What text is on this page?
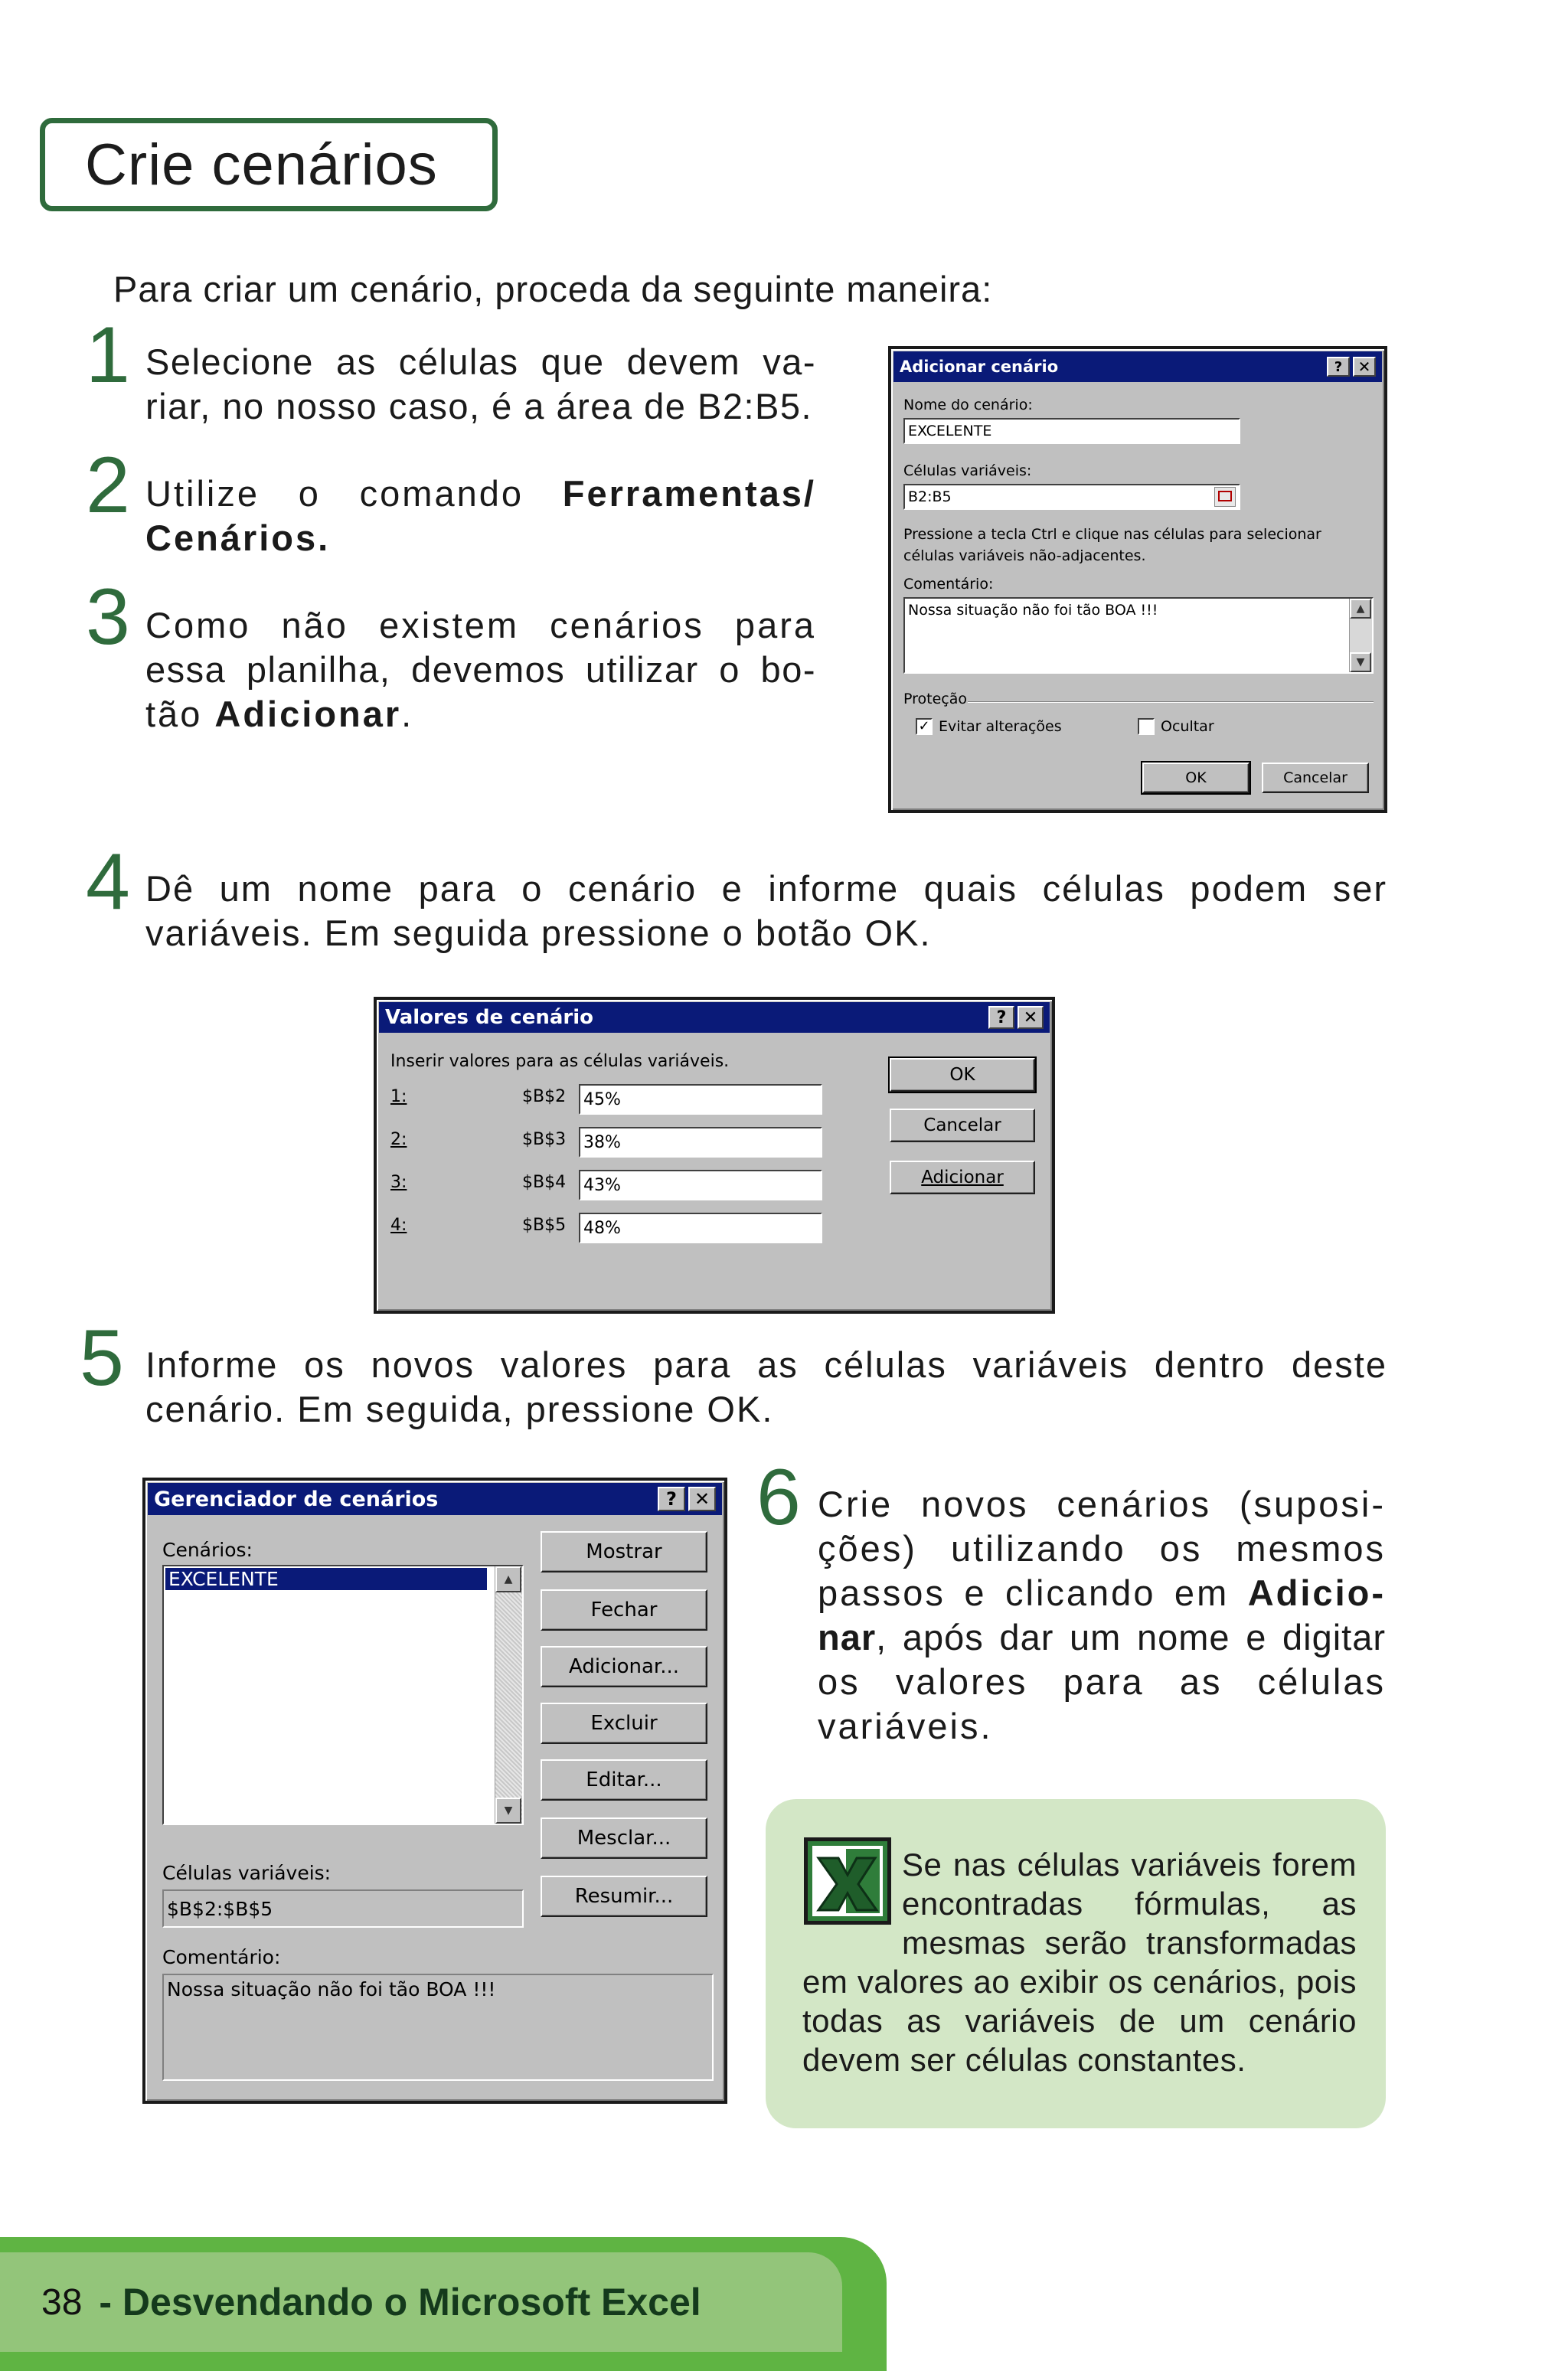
Crie cenários
Para criar um cenário, proceda da seguinte maneira:
1 Selecione as células que devem va-
riar, no nosso caso, é a área de B2:B5.
2 Utilize o comando Ferramentas/
Cenários.
3 Como não existem cenários para
essa planilha, devemos utilizar o bo-
tão Adicionar.
Adicionar cenário	?	✕
Nome do cenário:
EXCELENTE
Células variáveis:
B2:B5
Pressione a tecla Ctrl e clique nas células para selecionar
células variáveis não-adjacentes.
Comentário:
Nossa situação não foi tão BOA !!!	▲
▼
Proteção
✓ Evitar alterações	Ocultar
OK	Cancelar
4 Dê um nome para o cenário e informe quais células podem ser
variáveis. Em seguida pressione o botão OK.
Valores de cenário	?	✕
Inserir valores para as células variáveis.
1:	$B$2 45%
2:	$B$3 38%
3:	$B$4 43%
4:	$B$5 48%
OK
Cancelar
Adicionar
5 Informe os novos valores para as células variáveis dentro deste
cenário. Em seguida, pressione OK.
Gerenciador de cenários	? ✕
Cenários:
EXCELENTE	▲
▼
Mostrar
Fechar
Adicionar...
Excluir
Editar...
Mesclar...
Resumir...
Células variáveis:
$B$2:$B$5
Comentário:
Nossa situação não foi tão BOA !!!
6 Crie novos cenários (suposi-
ções) utilizando os mesmos
passos e clicando em Adicio-
nar, após dar um nome e digitar
os valores para as células
variáveis.
Se nas células variáveis forem encontradas fórmulas, as mesmas serão transformadas em valores ao exibir os cenários, pois todas as variáveis de um cenário devem ser células constantes.
38 - Desvendando o Microsoft Excel
